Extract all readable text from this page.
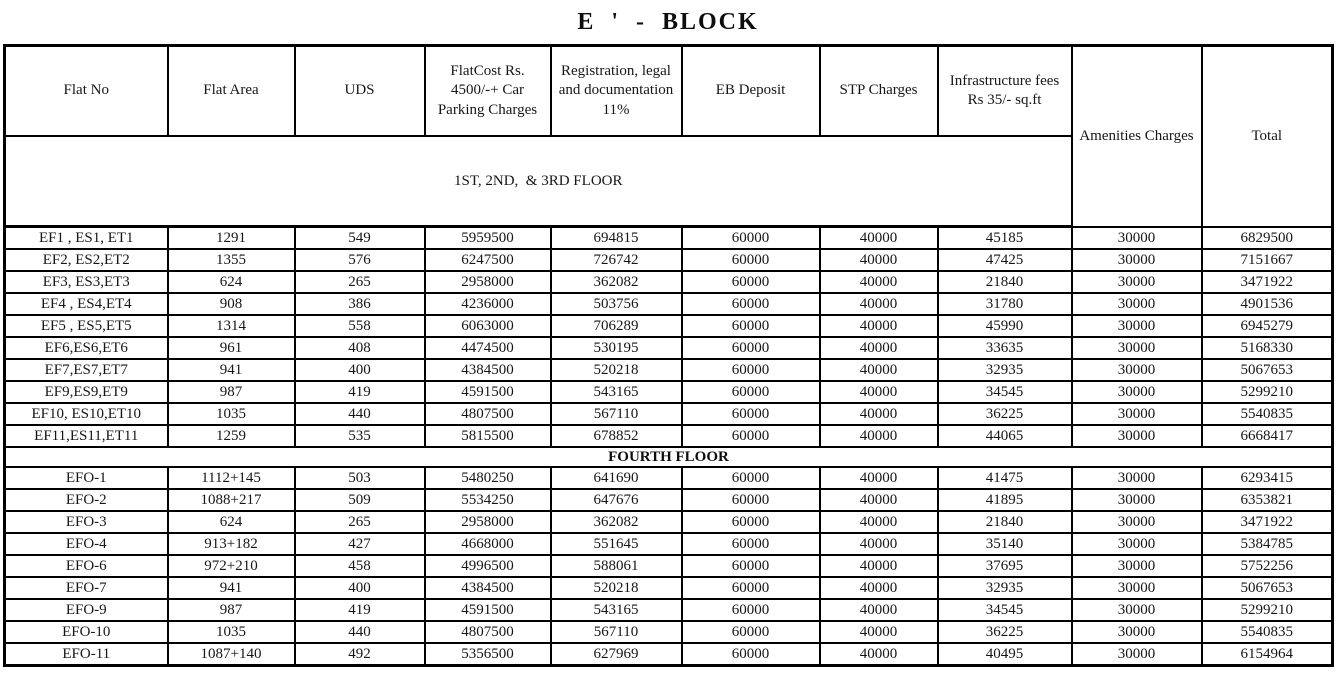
E ' - BLOCK
Flat No	Flat Area	UDS	FlatCost Rs. 4500/-+ Car Parking Charges	Registration, legal and documentation 11%	EB Deposit	STP Charges	Infrastructure fees Rs 35/- sq.ft	Amenities Charges	Total
1ST, 2ND,  & 3RD FLOOR									
EF1 , ES1, ET1	1291	549	5959500	694815	60000	40000	45185	30000	6829500
EF2, ES2,ET2	1355	576	6247500	726742	60000	40000	47425	30000	7151667
EF3, ES3,ET3	624	265	2958000	362082	60000	40000	21840	30000	3471922
EF4 , ES4,ET4	908	386	4236000	503756	60000	40000	31780	30000	4901536
EF5 , ES5,ET5	1314	558	6063000	706289	60000	40000	45990	30000	6945279
EF6,ES6,ET6	961	408	4474500	530195	60000	40000	33635	30000	5168330
EF7,ES7,ET7	941	400	4384500	520218	60000	40000	32935	30000	5067653
EF9,ES9,ET9	987	419	4591500	543165	60000	40000	34545	30000	5299210
EF10, ES10,ET10	1035	440	4807500	567110	60000	40000	36225	30000	5540835
EF11,ES11,ET11	1259	535	5815500	678852	60000	40000	44065	30000	6668417
FOURTH FLOOR									
EFO-1	1112+145	503	5480250	641690	60000	40000	41475	30000	6293415
EFO-2	1088+217	509	5534250	647676	60000	40000	41895	30000	6353821
EFO-3	624	265	2958000	362082	60000	40000	21840	30000	3471922
EFO-4	913+182	427	4668000	551645	60000	40000	35140	30000	5384785
EFO-6	972+210	458	4996500	588061	60000	40000	37695	30000	5752256
EFO-7	941	400	4384500	520218	60000	40000	32935	30000	5067653
EFO-9	987	419	4591500	543165	60000	40000	34545	30000	5299210
EFO-10	1035	440	4807500	567110	60000	40000	36225	30000	5540835
EFO-11	1087+140	492	5356500	627969	60000	40000	40495	30000	6154964
